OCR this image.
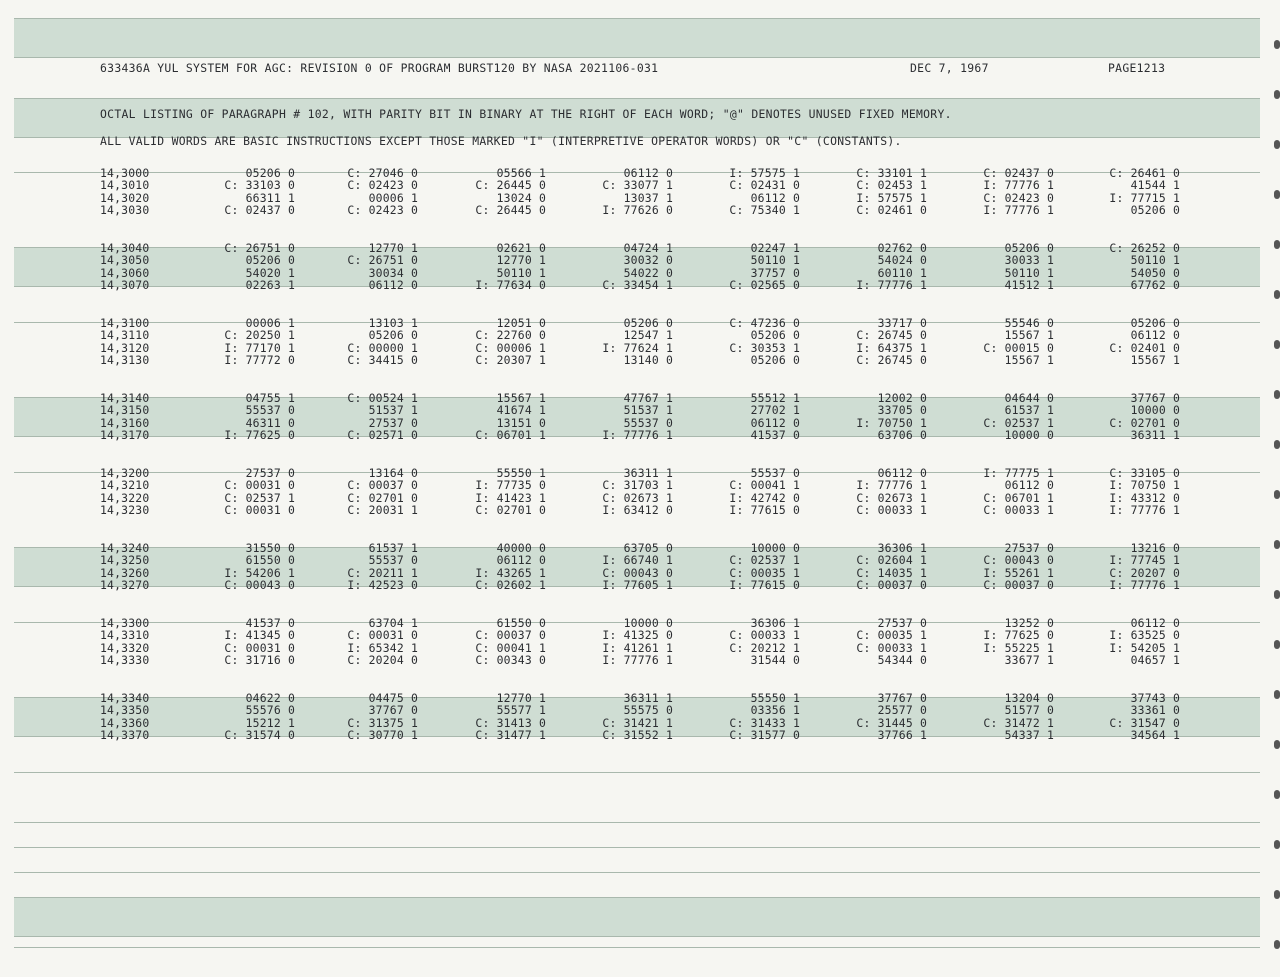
633436A YUL SYSTEM FOR AGC: REVISION 0 OF PROGRAM BURST120 BY NASA 2021106-031	DEC 7, 1967	PAGE1213
OCTAL LISTING OF PARAGRAPH # 102, WITH PARITY BIT IN BINARY AT THE RIGHT OF EACH WORD; "@" DENOTES UNUSED FIXED MEMORY.
ALL VALID WORDS ARE BASIC INSTRUCTIONS EXCEPT THOSE MARKED "I" (INTERPRETIVE OPERATOR WORDS) OR "C" (CONSTANTS).
14,3000	05206 0	C: 27046 0	05566 1	06112 0	I: 57575 1	C: 33101 1	C: 02437 0	C: 26461 0
14,3010	C: 33103 0	C: 02423 0	C: 26445 0	C: 33077 1	C: 02431 0	C: 02453 1	I: 77776 1	41544 1
14,3020	66311 1	00006 1	13024 0	13037 1	06112 0	I: 57575 1	C: 02423 0	I: 77715 1
14,3030	C: 02437 0	C: 02423 0	C: 26445 0	I: 77626 0	C: 75340 1	C: 02461 0	I: 77776 1	05206 0
14,3040	C: 26751 0	12770 1	02621 0	04724 1	02247 1	02762 0	05206 0	C: 26252 0
14,3050	05206 0	C: 26751 0	12770 1	30032 0	50110 1	54024 0	30033 1	50110 1
14,3060	54020 1	30034 0	50110 1	54022 0	37757 0	60110 1	50110 1	54050 0
14,3070	02263 1	06112 0	I: 77634 0	C: 33454 1	C: 02565 0	I: 77776 1	41512 1	67762 0
14,3100	00006 1	13103 1	12051 0	05206 0	C: 47236 0	33717 0	55546 0	05206 0
14,3110	C: 20250 1	05206 0	C: 22760 0	12547 1	05206 0	C: 26745 0	15567 1	06112 0
14,3120	I: 77170 1	C: 00000 1	C: 00006 1	I: 77624 1	C: 30353 1	I: 64375 1	C: 00015 0	C: 02401 0
14,3130	I: 77772 0	C: 34415 0	C: 20307 1	13140 0	05206 0	C: 26745 0	15567 1	15567 1
14,3140	04755 1	C: 00524 1	15567 1	47767 1	55512 1	12002 0	04644 0	37767 0
14,3150	55537 0	51537 1	41674 1	51537 1	27702 1	33705 0	61537 1	10000 0
14,3160	46311 0	27537 0	13151 0	55537 0	06112 0	I: 70750 1	C: 02537 1	C: 02701 0
14,3170	I: 77625 0	C: 02571 0	C: 06701 1	I: 77776 1	41537 0	63706 0	10000 0	36311 1
14,3200	27537 0	13164 0	55550 1	36311 1	55537 0	06112 0	I: 77775 1	C: 33105 0
14,3210	C: 00031 0	C: 00037 0	I: 77735 0	C: 31703 1	C: 00041 1	I: 77776 1	06112 0	I: 70750 1
14,3220	C: 02537 1	C: 02701 0	I: 41423 1	C: 02673 1	I: 42742 0	C: 02673 1	C: 06701 1	I: 43312 0
14,3230	C: 00031 0	C: 20031 1	C: 02701 0	I: 63412 0	I: 77615 0	C: 00033 1	C: 00033 1	I: 77776 1
14,3240	31550 0	61537 1	40000 0	63705 0	10000 0	36306 1	27537 0	13216 0
14,3250	61550 0	55537 0	06112 0	I: 66740 1	C: 02537 1	C: 02604 1	C: 00043 0	I: 77745 1
14,3260	I: 54206 1	C: 20211 1	I: 43265 1	C: 00043 0	C: 00035 1	C: 14035 1	I: 55261 1	C: 20207 0
14,3270	C: 00043 0	I: 42523 0	C: 02602 1	I: 77605 1	I: 77615 0	C: 00037 0	C: 00037 0	I: 77776 1
14,3300	41537 0	63704 1	61550 0	10000 0	36306 1	27537 0	13252 0	06112 0
14,3310	I: 41345 0	C: 00031 0	C: 00037 0	I: 41325 0	C: 00033 1	C: 00035 1	I: 77625 0	I: 63525 0
14,3320	C: 00031 0	I: 65342 1	C: 00041 1	I: 41261 1	C: 20212 1	C: 00033 1	I: 55225 1	I: 54205 1
14,3330	C: 31716 0	C: 20204 0	C: 00343 0	I: 77776 1	31544 0	54344 0	33677 1	04657 1
14,3340	04622 0	04475 0	12770 1	36311 1	55550 1	37767 0	13204 0	37743 0
14,3350	55576 0	37767 0	55577 1	55575 0	03356 1	25577 0	51577 0	33361 0
14,3360	15212 1	C: 31375 1	C: 31413 0	C: 31421 1	C: 31433 1	C: 31445 0	C: 31472 1	C: 31547 0
14,3370	C: 31574 0	C: 30770 1	C: 31477 1	C: 31552 1	C: 31577 0	37766 1	54337 1	34564 1
